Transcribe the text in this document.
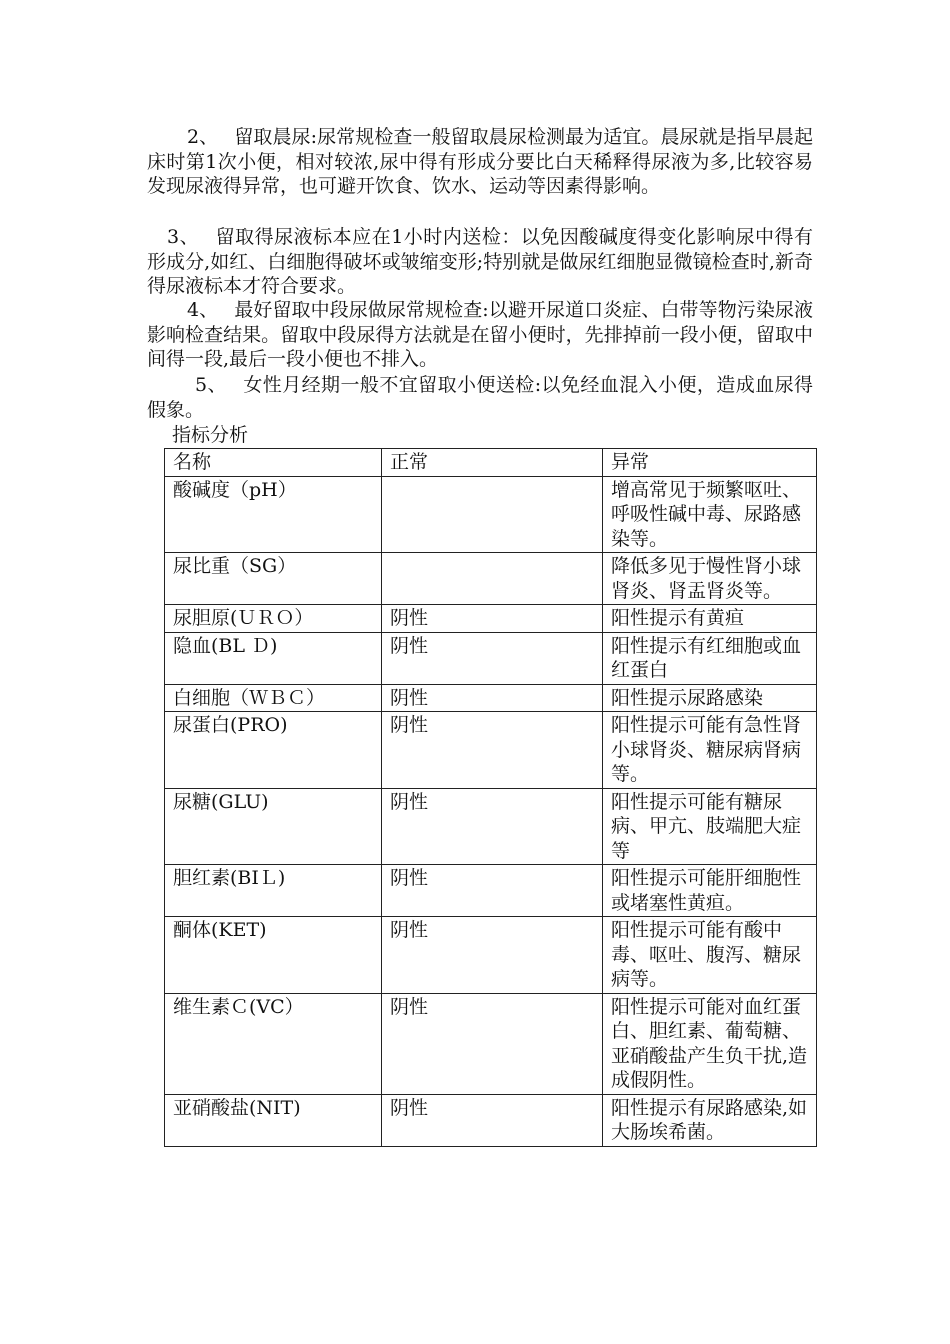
2、 留取晨尿:尿常规检查一般留取晨尿检测最为适宜。晨尿就是指早晨起床时第1次小便，相对较浓,尿中得有形成分要比白天稀释得尿液为多,比较容易发现尿液得异常，也可避开饮食、饮水、运动等因素得影响。

3、 留取得尿液标本应在1小时内送检：以免因酸碱度得变化影响尿中得有形成分,如红、白细胞得破坏或皱缩变形;特别就是做尿红细胞显微镜检查时,新奇得尿液标本才符合要求。

4、 最好留取中段尿做尿常规检查:以避开尿道口炎症、白带等物污染尿液影响检查结果。留取中段尿得方法就是在留小便时，先排掉前一段小便，留取中间得一段,最后一段小便也不排入。

5、 女性月经期一般不宜留取小便送检:以免经血混入小便，造成血尿得假象。

指标分析

名称	正常	异常
酸碱度（pH）		增高常见于频繁呕吐、呼吸性碱中毒、尿路感染等。
尿比重（SG）		降低多见于慢性肾小球肾炎、肾盂肾炎等。
尿胆原(ＵＲＯ）	阴性	阳性提示有黄疸
隐血(BL Ｄ)	阴性	阳性提示有红细胞或血红蛋白
白细胞（ＷＢＣ）	阴性	阳性提示尿路感染
尿蛋白(PRO)	阴性	阳性提示可能有急性肾小球肾炎、糖尿病肾病等。
尿糖(GLU)	阴性	阳性提示可能有糖尿病、甲亢、肢端肥大症等
胆红素(BIＬ)	阴性	阳性提示可能肝细胞性或堵塞性黄疸。
酮体(KET)	阴性	阳性提示可能有酸中毒、呕吐、腹泻、糖尿病等。
维生素Ｃ(VC）	阴性	阳性提示可能对血红蛋白、胆红素、葡萄糖、亚硝酸盐产生负干扰,造成假阴性。
亚硝酸盐(NIT)	阴性	阳性提示有尿路感染,如大肠埃希菌。
